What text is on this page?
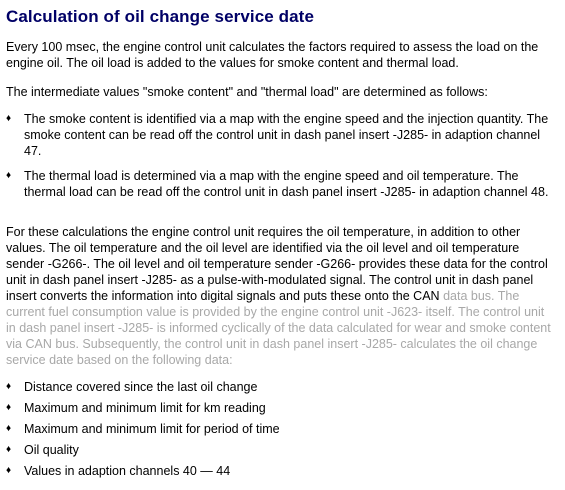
Calculation of oil change service date

Every 100 msec, the engine control unit calculates the factors required to assess the load on the engine oil. The oil load is added to the values for smoke content and thermal load.

The intermediate values "smoke content" and "thermal load" are determined as follows:

♦ The smoke content is identified via a map with the engine speed and the injection quantity. The smoke content can be read off the control unit in dash panel insert -J285- in adaption channel 47.
♦ The thermal load is determined via a map with the engine speed and oil temperature. The thermal load can be read off the control unit in dash panel insert -J285- in adaption channel 48.

For these calculations the engine control unit requires the oil temperature, in addition to other values. The oil temperature and the oil level are identified via the oil level and oil temperature sender -G266-. The oil level and oil temperature sender -G266- provides these data for the control unit in dash panel insert -J285- as a pulse-with-modulated signal. The control unit in dash panel insert converts the information into digital signals and puts these onto the CAN data bus. The current fuel consumption value is provided by the engine control unit -J623- itself. The control unit in dash panel insert -J285- is informed cyclically of the data calculated for wear and smoke content via CAN bus. Subsequently, the control unit in dash panel insert -J285- calculates the oil change service date based on the following data:

♦ Distance covered since the last oil change
♦ Maximum and minimum limit for km reading
♦ Maximum and minimum limit for period of time
♦ Oil quality
♦ Values in adaption channels 40 — 44
